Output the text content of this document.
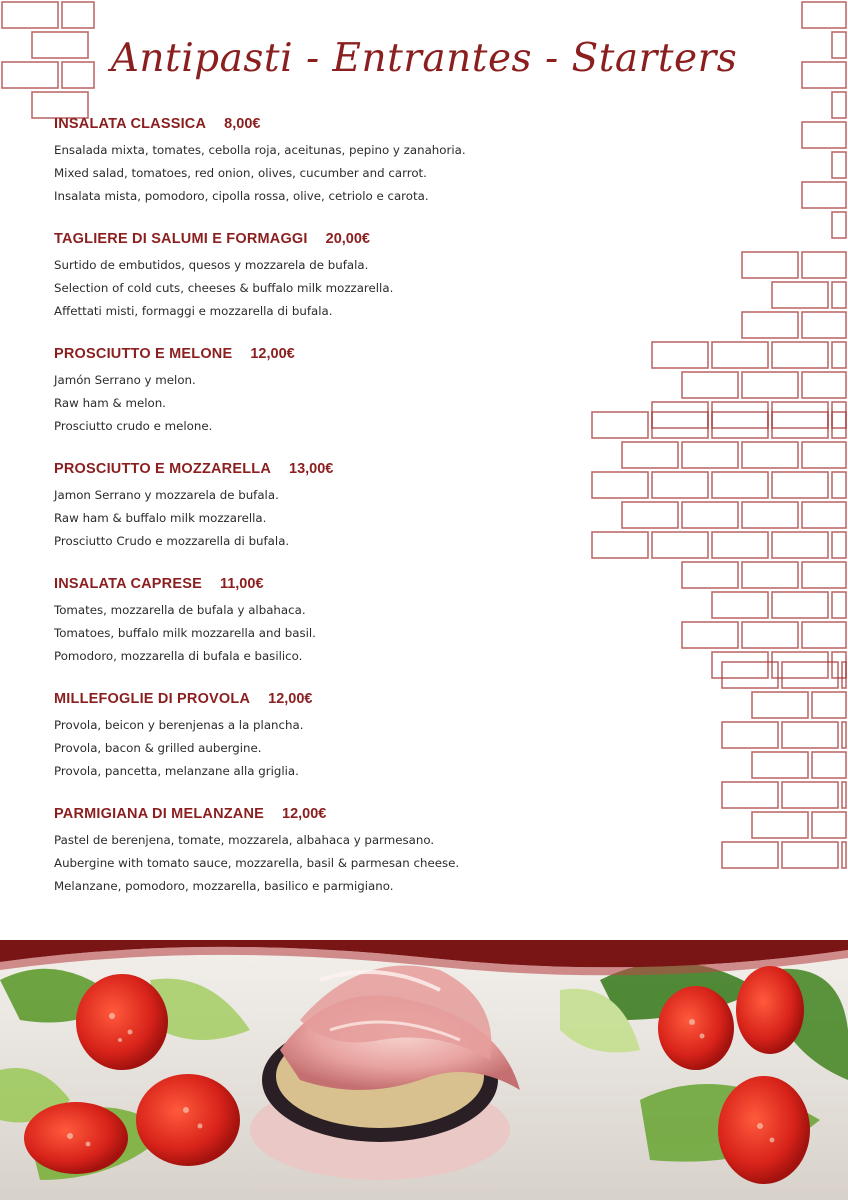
Antipasti - Entrantes - Starters
INSALATA CLASSICA 8,00€
Ensalada mixta, tomates, cebolla roja, aceitunas, pepino y zanahoria.
Mixed salad, tomatoes, red onion, olives, cucumber and carrot.
Insalata mista, pomodoro, cipolla rossa, olive, cetriolo e carota.
TAGLIERE DI SALUMI E FORMAGGI 20,00€
Surtido de embutidos, quesos y mozzarela de bufala.
Selection of cold cuts, cheeses & buffalo milk mozzarella.
Affettati misti, formaggi e mozzarella di bufala.
PROSCIUTTO E MELONE 12,00€
Jamón Serrano y melon.
Raw ham & melon.
Prosciutto crudo e melone.
PROSCIUTTO E MOZZARELLA 13,00€
Jamon Serrano y mozzarela de bufala.
Raw ham & buffalo milk mozzarella.
Prosciutto Crudo e mozzarella di bufala.
INSALATA CAPRESE 11,00€
Tomates, mozzarella de bufala y albahaca.
Tomatoes, buffalo milk mozzarella and basil.
Pomodoro, mozzarella di bufala e basilico.
MILLEFOGLIE DI PROVOLA 12,00€
Provola, beicon y berenjenas a la plancha.
Provola, bacon & grilled aubergine.
Provola, pancetta, melanzane alla griglia.
PARMIGIANA DI MELANZANE 12,00€
Pastel de berenjena, tomate, mozzarela, albahaca y parmesano.
Aubergine with tomato sauce, mozzarella, basil & parmesan cheese.
Melanzane, pomodoro, mozzarella, basilico e parmigiano.
